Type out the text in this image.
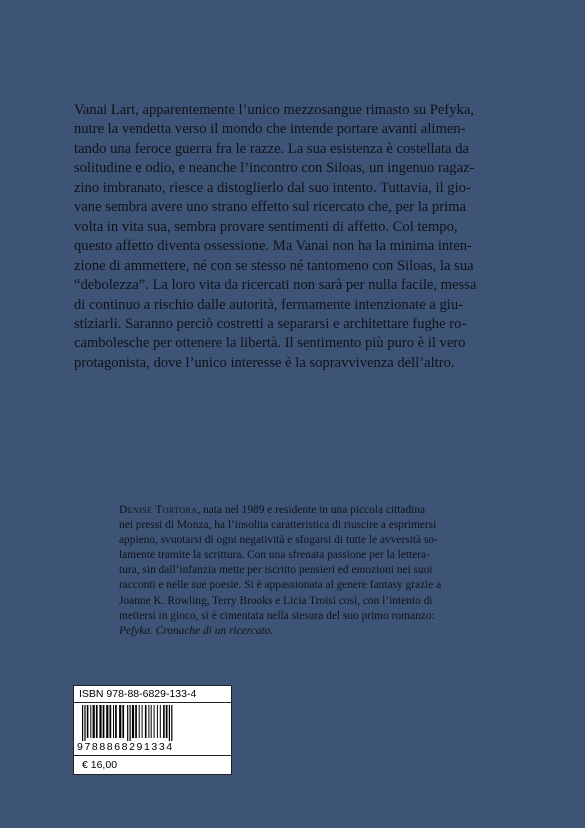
Vanai Lart, apparentemente l’unico mezzosangue rimasto su Pefyka,
nutre la vendetta verso il mondo che intende portare avanti alimen-
tando una feroce guerra fra le razze. La sua esistenza è costellata da
solitudine e odio, e neanche l’incontro con Siloas, un ingenuo ragaz-
zino imbranato, riesce a distoglierlo dal suo intento. Tuttavia, il gio-
vane sembra avere uno strano effetto sul ricercato che, per la prima
volta in vita sua, sembra provare sentimenti di affetto. Col tempo,
questo affetto diventa ossessione. Ma Vanai non ha la minima inten-
zione di ammettere, né con se stesso né tantomeno con Siloas, la sua
“debolezza”. La loro vita da ricercati non sarà per nulla facile, messa
di continuo a rischio dalle autorità, fermamente intenzionate a giu-
stiziarli. Saranno perciò costretti a separarsi e architettare fughe ro-
cambolesche per ottenere la libertà. Il sentimento più puro è il vero
protagonista, dove l’unico interesse è la sopravvivenza dell’altro.
Denise Tortora, nata nel 1989 e residente in una piccola cittadina
nei pressi di Monza, ha l’insolita caratteristica di riuscire a esprimersi
appieno, svuotarsi di ogni negatività e sfogarsi di tutte le avversità so-
lamente tramite la scrittura. Con una sfrenata passione per la lettera-
tura, sin dall’infanzia mette per iscritto pensieri ed emozioni nei suoi
racconti e nelle sue poesie. Si è appassionata al genere fantasy grazie a
Joanne K. Rowling, Terry Brooks e Licia Troisi così, con l’intento di
mettersi in gioco, si è cimentata nella stesura del suo primo romanzo:
Pefyka. Cronache di un ricercato.
ISBN 978-88-6829-133-4
9788868291334
€ 16,00
